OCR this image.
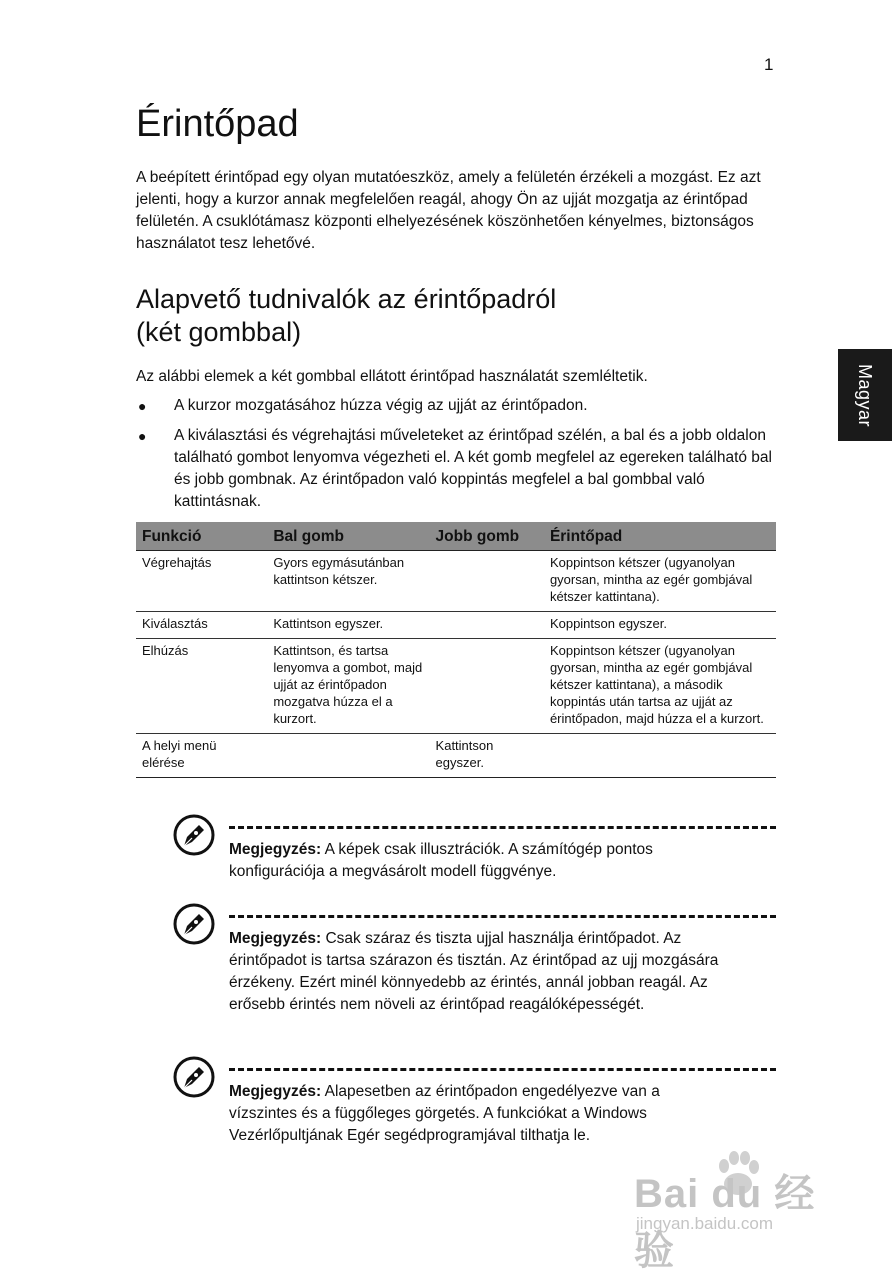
1
Magyar
Érintőpad

A beépített érintőpad egy olyan mutatóeszköz, amely a felületén érzékeli a mozgást. Ez azt jelenti, hogy a kurzor annak megfelelően reagál, ahogy Ön az ujját mozgatja az érintőpad felületén. A csuklótámasz központi elhelyezésének köszönhetően kényelmes, biztonságos használatot tesz lehetővé.

Alapvető tudnivalók az érintőpadról
(két gombbal)

Az alábbi elemek a két gombbal ellátott érintőpad használatát szemléltetik.

● A kurzor mozgatásához húzza végig az ujját az érintőpadon.
● A kiválasztási és végrehajtási műveleteket az érintőpad szélén, a bal és a jobb oldalon található gombot lenyomva végezheti el. A két gomb megfelel az egereken található bal és jobb gombnak. Az érintőpadon való koppintás megfelel a bal gombbal való kattintásnak.
Funkció	Bal gomb	Jobb gomb	Érintőpad
Végrehajtás	Gyors egymásutánban kattintson kétszer.		Koppintson kétszer (ugyanolyan gyorsan, mintha az egér gombjával kétszer kattintana).
Kiválasztás	Kattintson egyszer.		Koppintson egyszer.
Elhúzás	Kattintson, és tartsa lenyomva a gombot, majd ujját az érintőpadon mozgatva húzza el a kurzort.		Koppintson kétszer (ugyanolyan gyorsan, mintha az egér gombjával kétszer kattintana), a második koppintás után tartsa az ujját az érintőpadon, majd húzza el a kurzort.
A helyi menü elérése		Kattintson egyszer.	

Megjegyzés: A képek csak illusztrációk. A számítógép pontos konfigurációja a megvásárolt modell függvénye.

Megjegyzés: Csak száraz és tiszta ujjal használja érintőpadot. Az érintőpadot is tartsa szárazon és tisztán. Az érintőpad az ujj mozgására érzékeny. Ezért minél könnyedebb az érintés, annál jobban reagál. Az erősebb érintés nem növeli az érintőpad reagálóképességét.

Megjegyzés: Alapesetben az érintőpadon engedélyezve van a vízszintes és a függőleges görgetés. A funkciókat a Windows Vezérlőpultjának Egér segédprogramjával tilthatja le.

Bai du 经验
jingyan.baidu.com
